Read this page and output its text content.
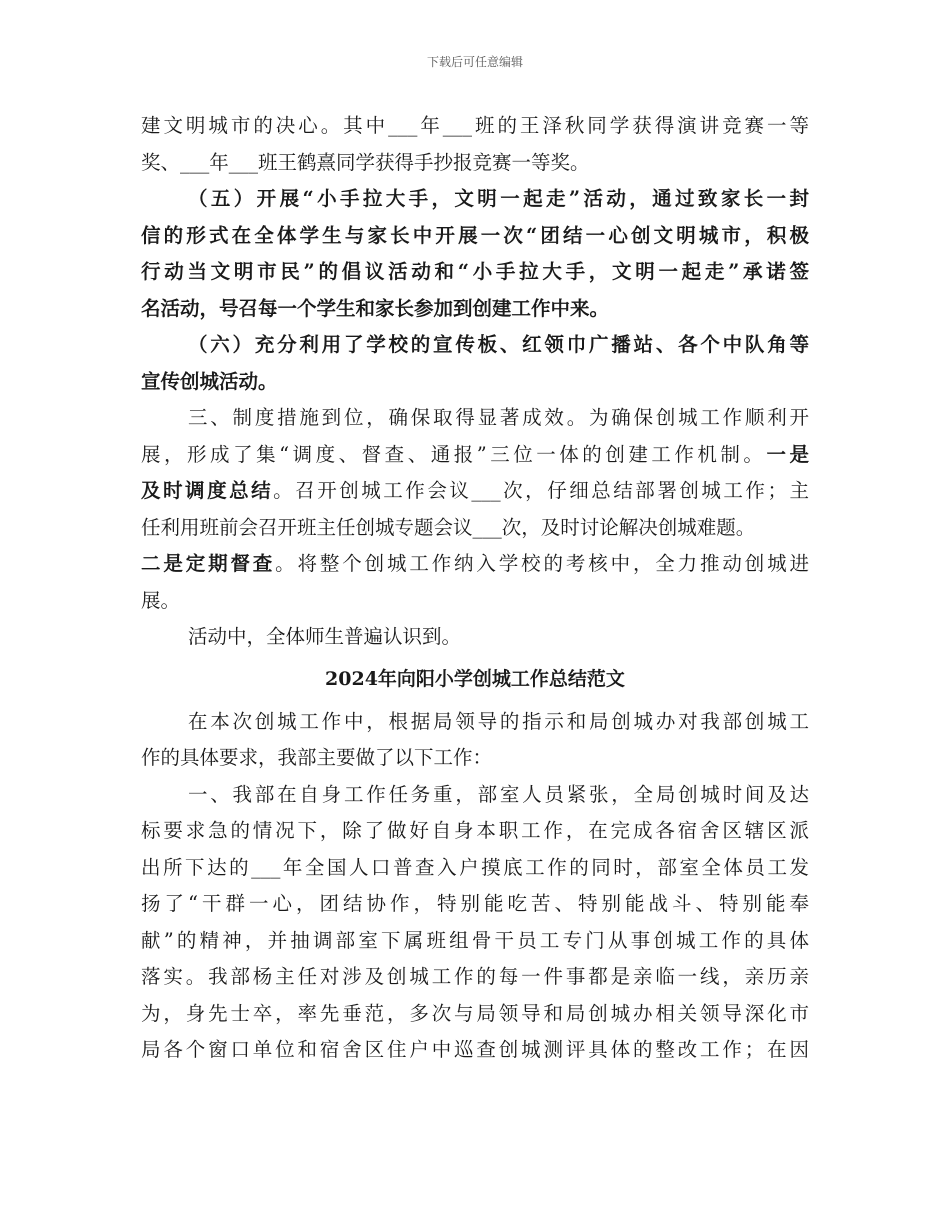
下载后可任意编辑
建文明城市的决心。其中___年___班的王泽秋同学获得演讲竞赛一等
奖、___年___班王鹤熹同学获得手抄报竞赛一等奖。
（五）开展“小手拉大手，文明一起走”活动，通过致家长一封
信的形式在全体学生与家长中开展一次“团结一心创文明城市，积极
行动当文明市民”的倡议活动和“小手拉大手，文明一起走”承诺签
名活动，号召每一个学生和家长参加到创建工作中来。
（六）充分利用了学校的宣传板、红领巾广播站、各个中队角等
宣传创城活动。
三、制度措施到位，确保取得显著成效。为确保创城工作顺利开
展，形成了集“调度、督查、通报”三位一体的创建工作机制。一是
及时调度总结。召开创城工作会议___次，仔细总结部署创城工作；主
任利用班前会召开班主任创城专题会议___次，及时讨论解决创城难题。
二是定期督查。将整个创城工作纳入学校的考核中，全力推动创城进
展。
活动中，全体师生普遍认识到。
2024年向阳小学创城工作总结范文
在本次创城工作中，根据局领导的指示和局创城办对我部创城工
作的具体要求，我部主要做了以下工作：
一、我部在自身工作任务重，部室人员紧张，全局创城时间及达
标要求急的情况下，除了做好自身本职工作，在完成各宿舍区辖区派
出所下达的___年全国人口普查入户摸底工作的同时，部室全体员工发
扬了“干群一心，团结协作，特别能吃苦、特别能战斗、特别能奉
献”的精神，并抽调部室下属班组骨干员工专门从事创城工作的具体
落实。我部杨主任对涉及创城工作的每一件事都是亲临一线，亲历亲
为，身先士卒，率先垂范，多次与局领导和局创城办相关领导深化市
局各个窗口单位和宿舍区住户中巡查创城测评具体的整改工作；在因
